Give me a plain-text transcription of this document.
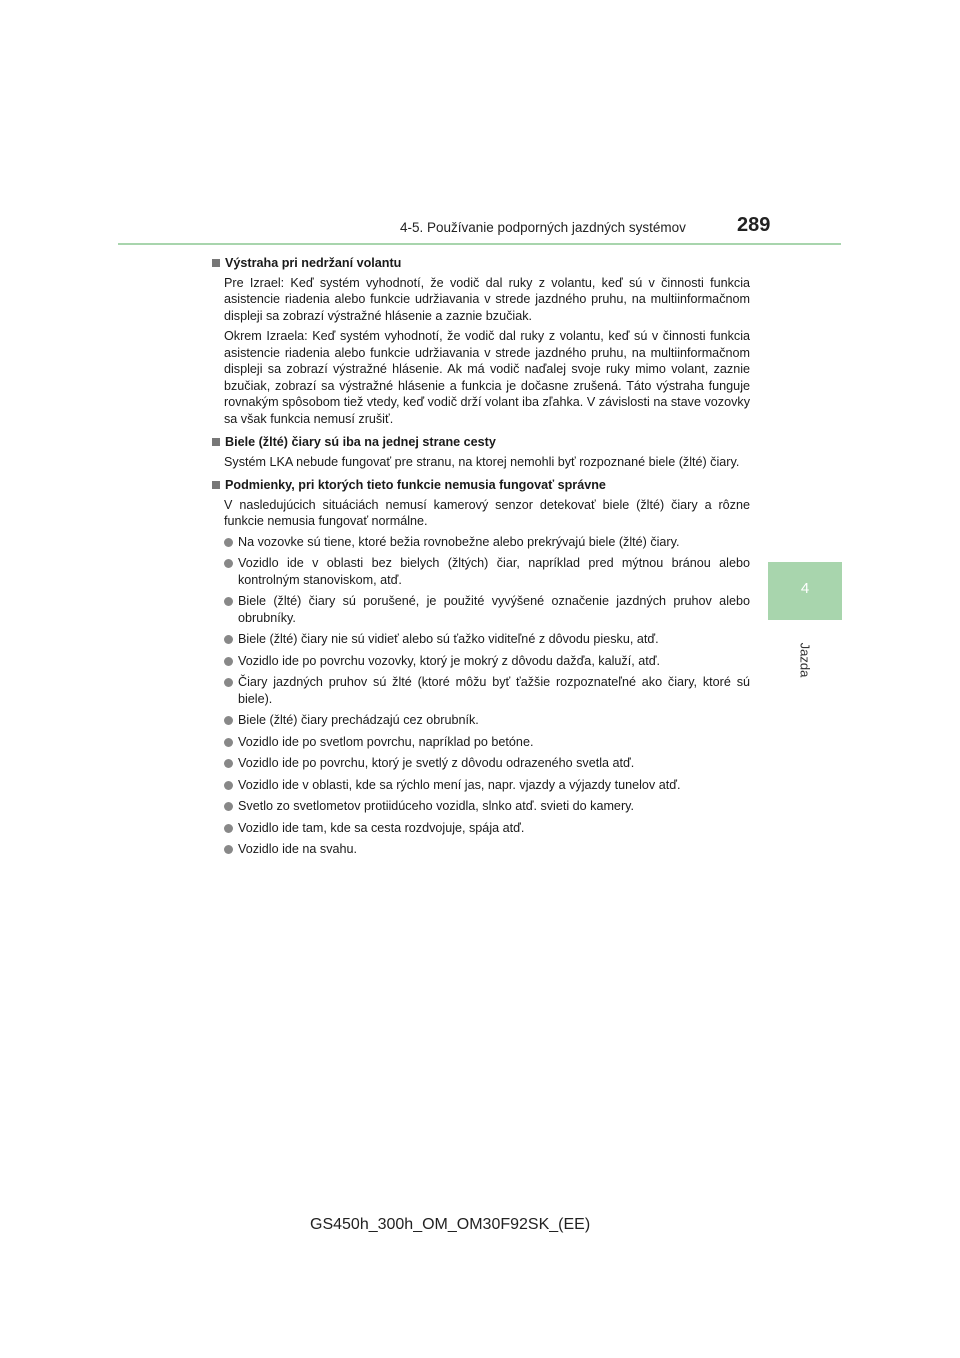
4-5. Používanie podporných jazdných systémov	289
4
Jazda
Výstraha pri nedržaní volantu

Pre Izrael: Keď systém vyhodnotí, že vodič dal ruky z volantu, keď sú v činnosti funkcia asistencie riadenia alebo funkcie udržiavania v strede jazdného pruhu, na multiinformačnom displeji sa zobrazí výstražné hlásenie a zaznie bzučiak.

Okrem Izraela: Keď systém vyhodnotí, že vodič dal ruky z volantu, keď sú v činnosti funkcia asistencie riadenia alebo funkcie udržiavania v strede jazdného pruhu, na multiinformačnom displeji sa zobrazí výstražné hlásenie. Ak má vodič naďalej svoje ruky mimo volant, zaznie bzučiak, zobrazí sa výstražné hlásenie a funkcia je dočasne zrušená. Táto výstraha funguje rovnakým spôsobom tiež vtedy, keď vodič drží volant iba zľahka. V závislosti na stave vozovky sa však funkcia nemusí zrušiť.

Biele (žlté) čiary sú iba na jednej strane cesty

Systém LKA nebude fungovať pre stranu, na ktorej nemohli byť rozpoznané biele (žlté) čiary.

Podmienky, pri ktorých tieto funkcie nemusia fungovať správne

V nasledujúcich situáciách nemusí kamerový senzor detekovať biele (žlté) čiary a rôzne funkcie nemusia fungovať normálne.

Na vozovke sú tiene, ktoré bežia rovnobežne alebo prekrývajú biele (žlté) čiary.
Vozidlo ide v oblasti bez bielych (žltých) čiar, napríklad pred mýtnou bránou alebo kontrolným stanoviskom, atď.
Biele (žlté) čiary sú porušené, je použité vyvýšené označenie jazdných pruhov alebo obrubníky.
Biele (žlté) čiary nie sú vidieť alebo sú ťažko viditeľné z dôvodu piesku, atď.
Vozidlo ide po povrchu vozovky, ktorý je mokrý z dôvodu dažďa, kaluží, atď.
Čiary jazdných pruhov sú žlté (ktoré môžu byť ťažšie rozpoznateľné ako čiary, ktoré sú biele).
Biele (žlté) čiary prechádzajú cez obrubník.
Vozidlo ide po svetlom povrchu, napríklad po betóne.
Vozidlo ide po povrchu, ktorý je svetlý z dôvodu odrazeného svetla atď.
Vozidlo ide v oblasti, kde sa rýchlo mení jas, napr. vjazdy a výjazdy tunelov atď.
Svetlo zo svetlometov protiidúceho vozidla, slnko atď. svieti do kamery.
Vozidlo ide tam, kde sa cesta rozdvojuje, spája atď.
Vozidlo ide na svahu.
GS450h_300h_OM_OM30F92SK_(EE)
